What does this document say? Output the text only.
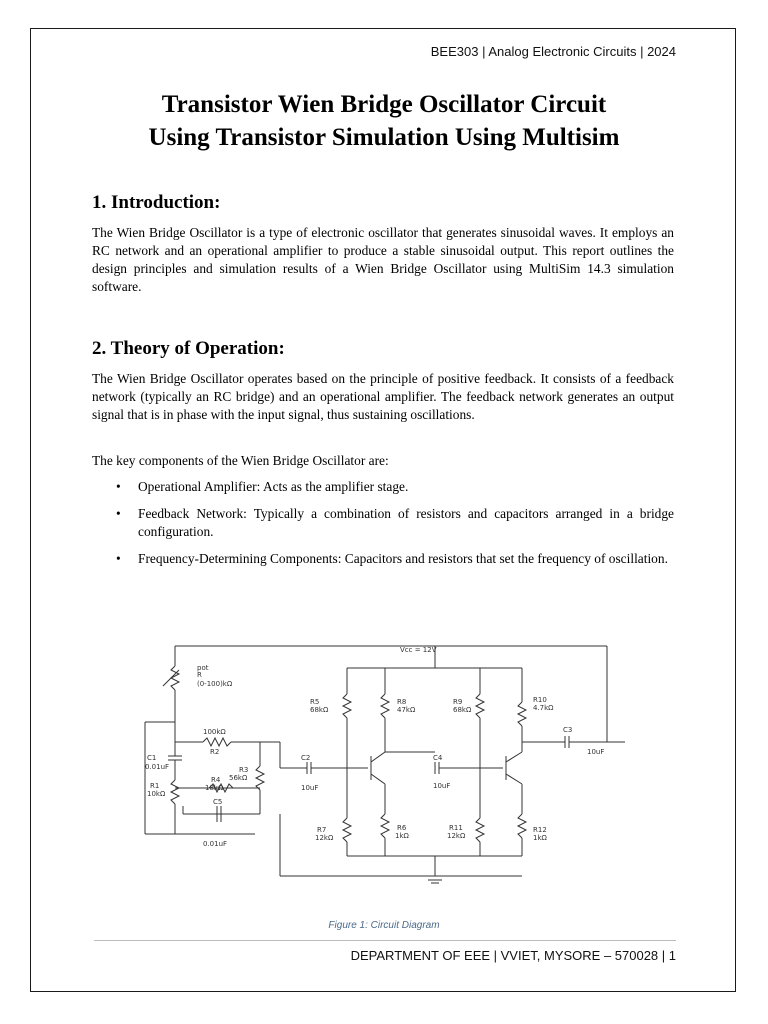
BEE303 | Analog Electronic Circuits | 2024
Transistor Wien Bridge Oscillator Circuit
Using Transistor Simulation Using Multisim
1. Introduction:

The Wien Bridge Oscillator is a type of electronic oscillator that generates sinusoidal waves. It employs an RC network and an operational amplifier to produce a stable sinusoidal output. This report outlines the design principles and simulation results of a Wien Bridge Oscillator using MultiSim 14.3 simulation software.

2. Theory of Operation:

The Wien Bridge Oscillator operates based on the principle of positive feedback. It consists of a feedback network (typically an RC bridge) and an operational amplifier. The feedback network generates an output signal that is in phase with the input signal, thus sustaining oscillations.

The key components of the Wien Bridge Oscillator are:

• Operational Amplifier: Acts as the amplifier stage.
• Feedback Network: Typically a combination of resistors and capacitors arranged in a bridge configuration.
• Frequency-Determining Components: Capacitors and resistors that set the frequency of oscillation.
Vcc = 12V
pot
R
(0-100)kΩ
R5
68kΩ
R8
47kΩ
R9
68kΩ
R10
4.7kΩ
100kΩ
R2
C1
0.01uF	R3
56kΩ
R4
18kΩ
R1
10kΩ
C5
0.01uF
C2
10uF
C4
10uF
C3
10uF
R7
12kΩ
R6
1kΩ
R11
12kΩ
R12
1kΩ
Figure 1: Circuit Diagram
DEPARTMENT OF EEE | VVIET, MYSORE – 570028 | 1
